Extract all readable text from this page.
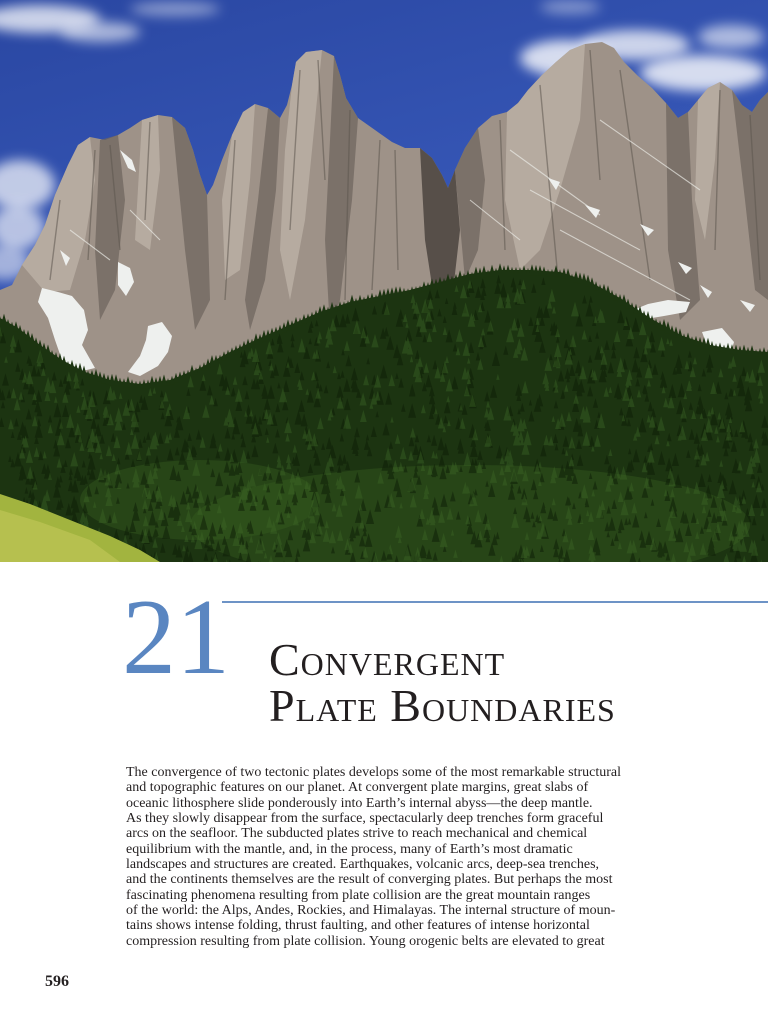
21 Convergent
Plate Boundaries
The convergence of two tectonic plates develops some of the most remarkable structural
and topographic features on our planet. At convergent plate margins, great slabs of
oceanic lithosphere slide ponderously into Earth’s internal abyss—the deep mantle.
As they slowly disappear from the surface, spectacularly deep trenches form graceful
arcs on the seafloor. The subducted plates strive to reach mechanical and chemical
equilibrium with the mantle, and, in the process, many of Earth’s most dramatic
landscapes and structures are created. Earthquakes, volcanic arcs, deep-sea trenches,
and the continents themselves are the result of converging plates. But perhaps the most
fascinating phenomena resulting from plate collision are the great mountain ranges
of the world: the Alps, Andes, Rockies, and Himalayas. The internal structure of moun-
tains shows intense folding, thrust faulting, and other features of intense horizontal
compression resulting from plate collision. Young orogenic belts are elevated to great
596
